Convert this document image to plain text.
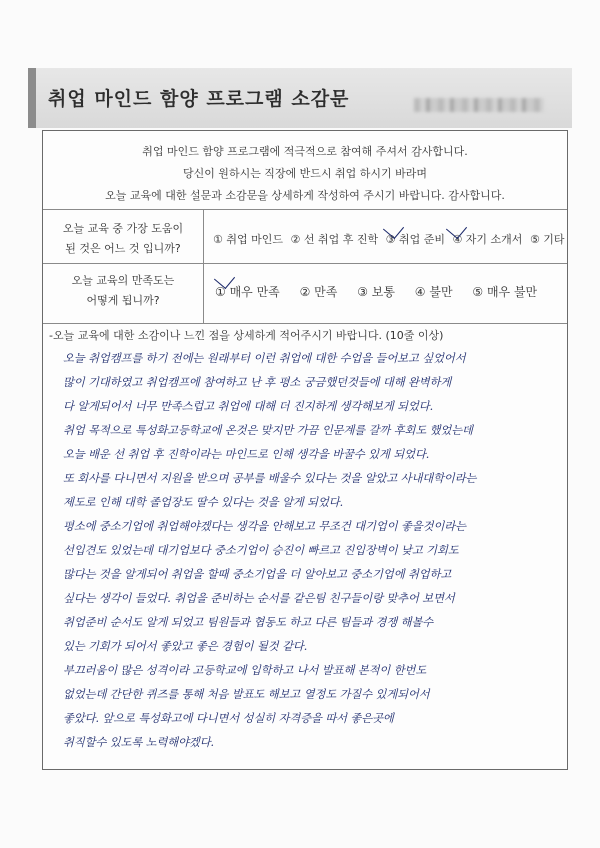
취업 마인드 함양 프로그램 소감문
취업 마인드 함양 프로그램에 적극적으로 참여해 주셔서 감사합니다.
당신이 원하시는 직장에 반드시 취업 하시기 바라며
오늘 교육에 대한 설문과 소감문을 상세하게 작성하여 주시기 바랍니다. 감사합니다.
오늘 교육 중 가장 도움이
된 것은 어느 것 입니까?
① 취업 마인드 ② 선 취업 후 진학 ③ 취업 준비 ④ 자기 소개서 ⑤ 기타
오늘 교육의 만족도는
어떻게 됩니까?
① 매우 만족 ② 만족 ③ 보통 ④ 불만 ⑤ 매우 불만
-오늘 교육에 대한 소감이나 느낀 점을 상세하게 적어주시기 바랍니다. (10줄 이상)
오늘 취업캠프를 하기 전에는 원래부터 이런 취업에 대한 수업을 들어보고 싶었어서
많이 기대하였고 취업캠프에 참여하고 난 후 평소 궁금했던것들에 대해 완벽하게
다 알게되어서 너무 만족스럽고 취업에 대해 더 진지하게 생각해보게 되었다.
취업 목적으로 특성화고등학교에 온것은 맞지만 가끔 인문계를 갈까 후회도 했었는데
오늘 배운 선 취업 후 진학이라는 마인드로 인해 생각을 바꿀수 있게 되었다.
또 회사를 다니면서 지원을 받으며 공부를 배울수 있다는 것을 알았고 사내대학이라는
제도로 인해 대학 졸업장도 딸수 있다는 것을 알게 되었다.
평소에 중소기업에 취업해야겠다는 생각을 안해보고 무조건 대기업이 좋을것이라는
선입견도 있었는데 대기업보다 중소기업이 승진이 빠르고 진입장벽이 낮고 기회도
많다는 것을 알게되어 취업을 할때 중소기업을 더 알아보고 중소기업에 취업하고
싶다는 생각이 들었다. 취업을 준비하는 순서를 같은팀 친구들이랑 맞추어 보면서
취업준비 순서도 알게 되었고 팀원들과 협동도 하고 다른 팀들과 경쟁 해볼수
있는 기회가 되어서 좋았고 좋은 경험이 될것 같다.
부끄러움이 많은 성격이라 고등학교에 입학하고 나서 발표해 본적이 한번도
없었는데 간단한 퀴즈를 통해 처음 발표도 해보고 열정도 가질수 있게되어서
좋았다. 앞으로 특성화고에 다니면서 성실히 자격증을 따서 좋은곳에
취직할수 있도록 노력해야겠다.
